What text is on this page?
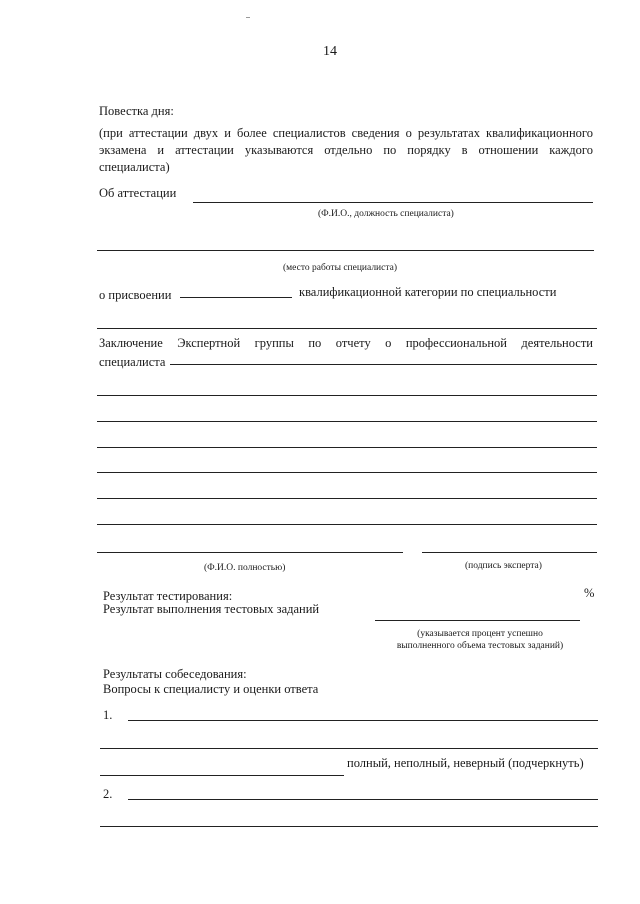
14
Повестка дня:
(при аттестации двух и более специалистов сведения о результатах квалификационного
экзамена и аттестации указываются отдельно по порядку в отношении каждого
специалиста)
Об аттестации
(Ф.И.О., должность специалиста)
(место работы специалиста)
о присвоении	квалификационной категории по специальности
Заключение Экспертной группы по отчету о профессиональной деятельности
специалиста
(Ф.И.О. полностью)	(подпись эксперта)
Результат тестирования:	%
Результат выполнения тестовых заданий
(указывается процент успешно
выполненного объема тестовых заданий)
Результаты собеседования:
Вопросы к специалисту и оценки ответа
1.
полный, неполный, неверный (подчеркнуть)
2.
